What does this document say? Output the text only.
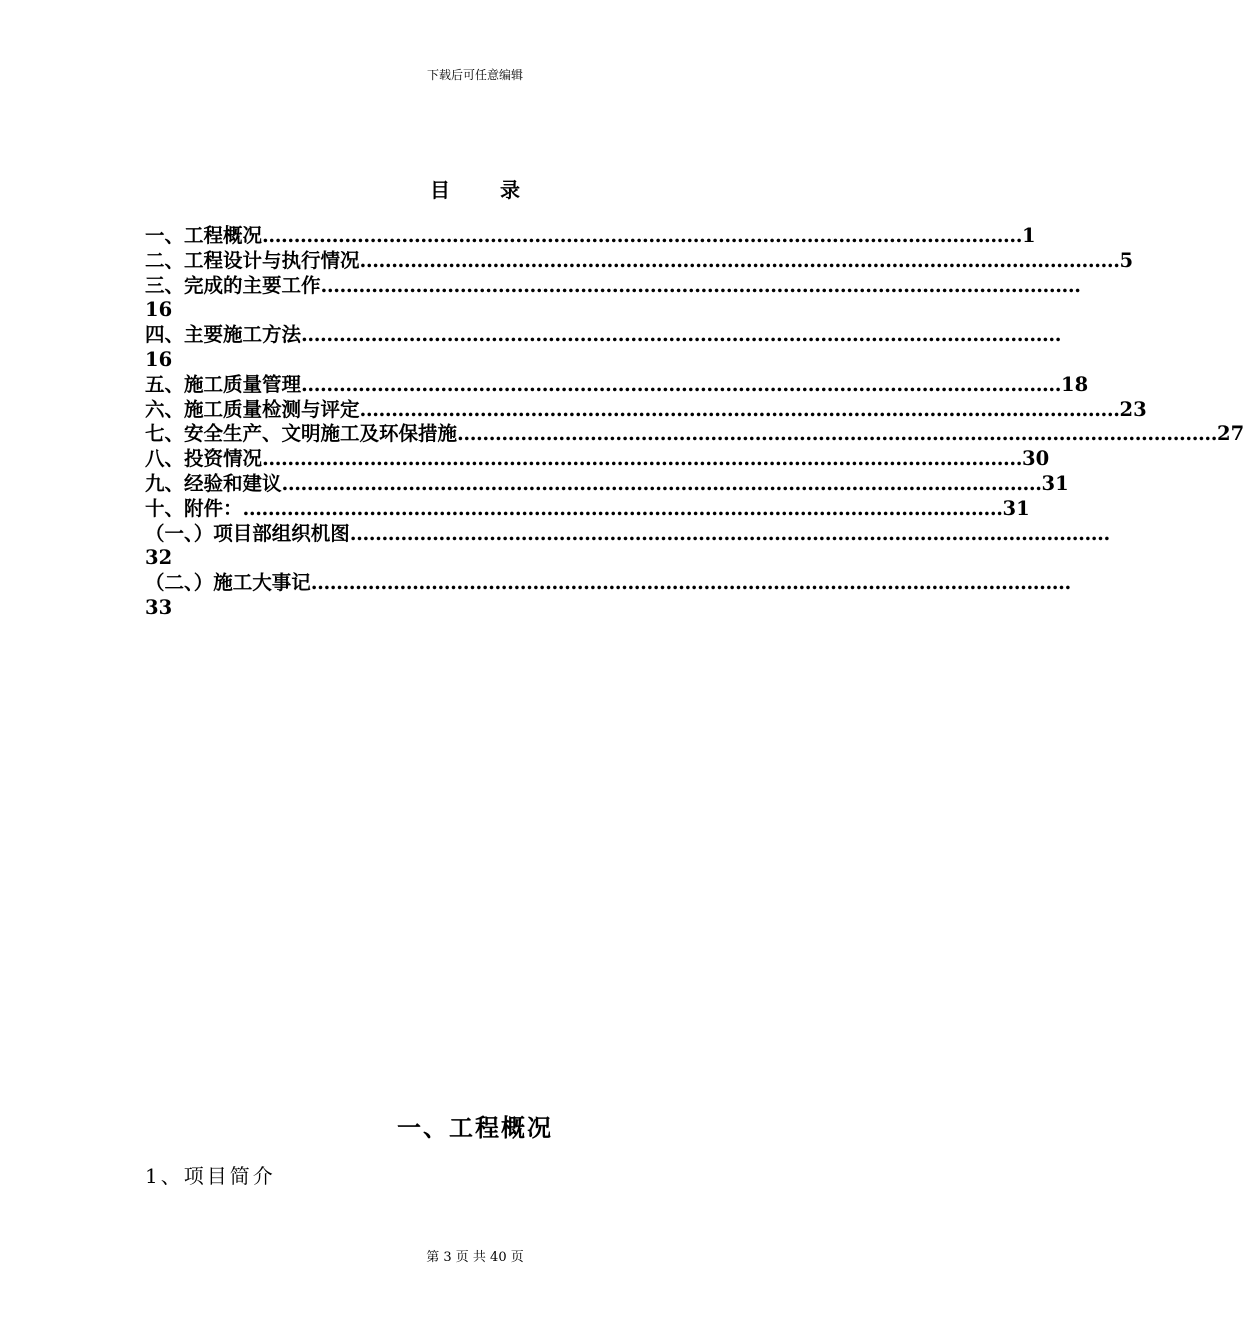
下载后可任意编辑
目	录
一、工程概况 ………………………………………………………………………………………………………… 1
二、工程设计与执行情况 ………………………………………………………………………………………………………… 5
三、完成的主要工作 …………………………………………………………………………………………………………
16
四、主要施工方法 …………………………………………………………………………………………………………
16
五、施工质量管理 ………………………………………………………………………………………………………… 18
六、施工质量检测与评定 ………………………………………………………………………………………………………… 23
七、安全生产、文明施工及环保措施 ………………………………………………………………………………………………………… 27
八、投资情况 ………………………………………………………………………………………………………… 30
九、经验和建议 ………………………………………………………………………………………………………… 31
十、附件： ………………………………………………………………………………………………………… 31
（一、）项目部组织机图 …………………………………………………………………………………………………………
32
（二、）施工大事记 …………………………………………………………………………………………………………
33
一、工程概况
1、项目简介
第 3 页 共 40 页
